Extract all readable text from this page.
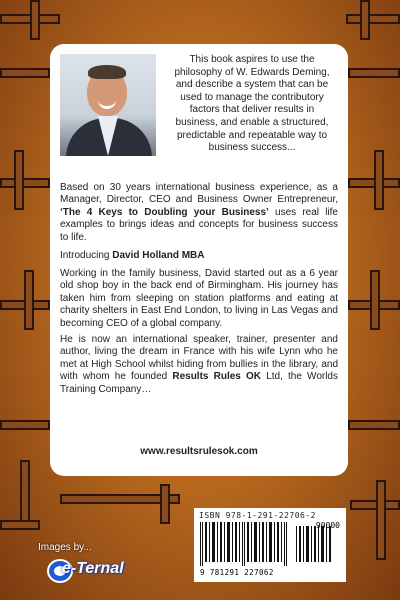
This book aspires to use the philosophy of W. Edwards Deming, and describe a system that can be used to manage the contributory factors that deliver results in business, and enable a structured, predictable and repeatable way to business success...
Based on 30 years international business experience, as a Manager, Director, CEO and Business Owner Entrepreneur, ‘The 4 Keys to Doubling your Business’ uses real life examples to brings ideas and concepts for business success to life.
Introducing David Holland MBA
Working in the family business, David started out as a 6 year old shop boy in the back end of Birmingham. His journey has taken him from sleeping on station platforms and eating at charity shelters in East End London, to living in Las Vegas and becoming CEO of a global company.
He is now an international speaker, trainer, presenter and author, living the dream in France with his wife Lynn who he met at High School whilst hiding from bullies in the library, and with whom he founded Results Rules OK Ltd, the Worlds Training Company…
www.resultsrulesok.com
ISBN 978-1-291-22706-2
90000
9 781291 227062
Images by...
e-Ternal
